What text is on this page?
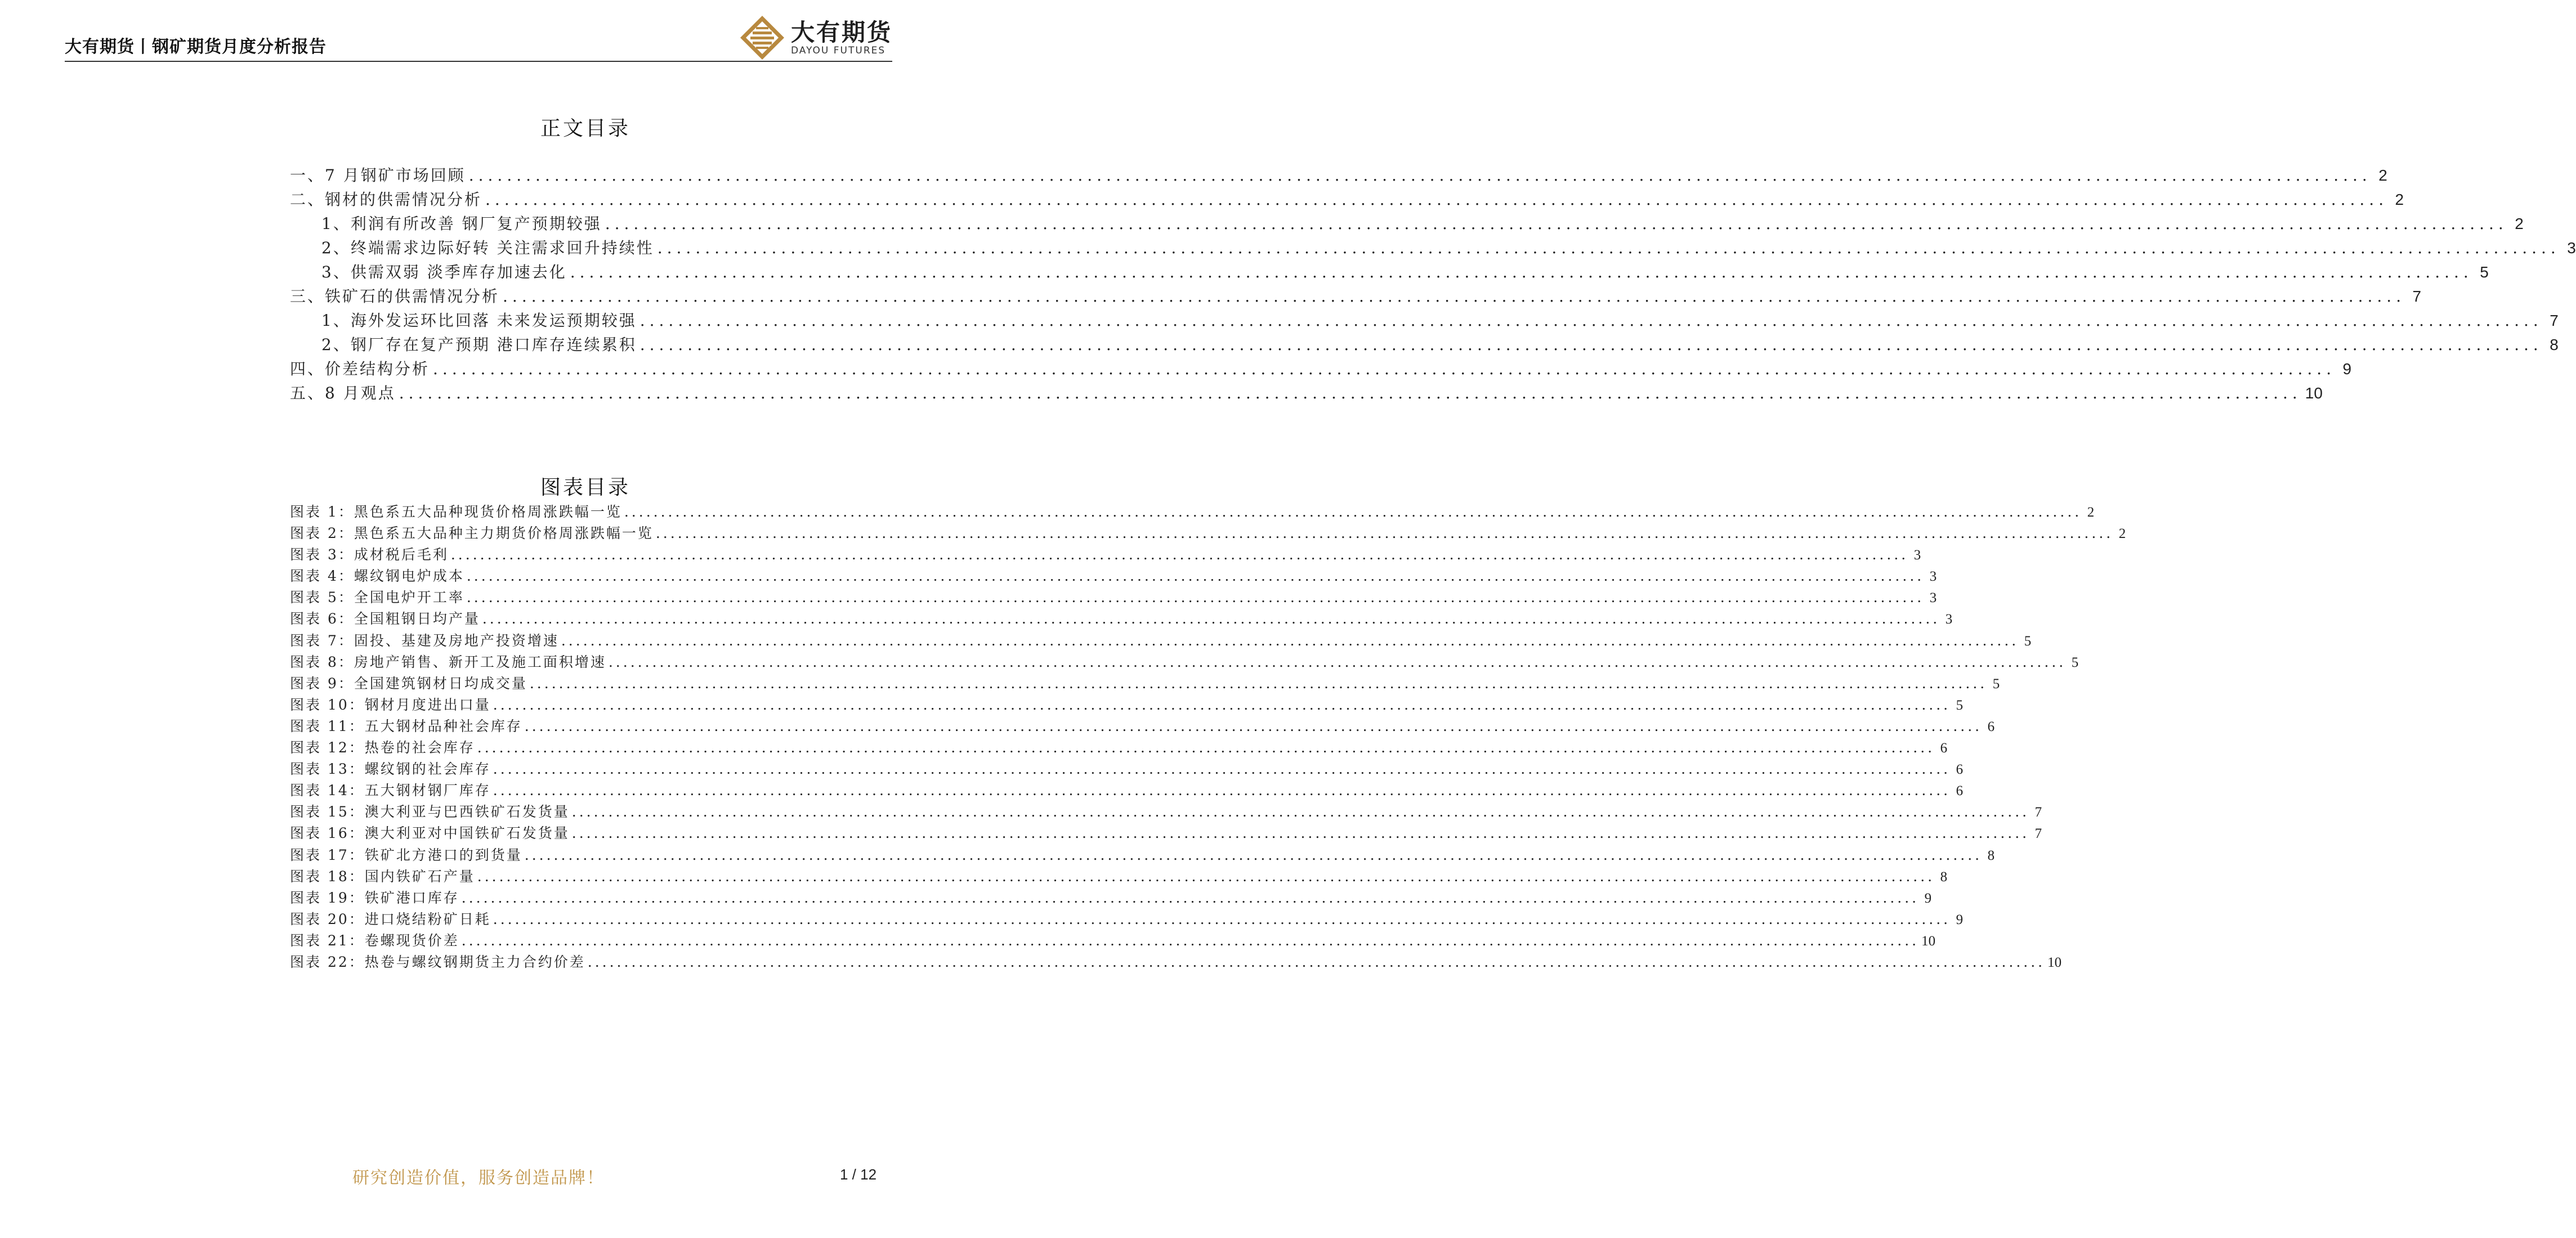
大有期货丨钢矿期货月度分析报告
大有期货
DAYOU FUTURES
正文目录
一、7 月钢矿市场回顾 ........................................................................................................................................................................................................ 2
二、钢材的供需情况分析 ........................................................................................................................................................................................................ 2
1、利润有所改善 钢厂复产预期较强 ........................................................................................................................................................................................................ 2
2、终端需求边际好转 关注需求回升持续性 ........................................................................................................................................................................................................ 3
3、供需双弱 淡季库存加速去化 ........................................................................................................................................................................................................ 5
三、铁矿石的供需情况分析 ........................................................................................................................................................................................................ 7
1、海外发运环比回落 未来发运预期较强 ........................................................................................................................................................................................................ 7
2、钢厂存在复产预期 港口库存连续累积 ........................................................................................................................................................................................................ 8
四、价差结构分析 ........................................................................................................................................................................................................ 9
五、8 月观点 ........................................................................................................................................................................................................ 10
图表目录
图表 1：黑色系五大品种现货价格周涨跌幅一览 ........................................................................................................................................................................................................ 2
图表 2：黑色系五大品种主力期货价格周涨跌幅一览 ........................................................................................................................................................................................................ 2
图表 3：成材税后毛利 ........................................................................................................................................................................................................ 3
图表 4：螺纹钢电炉成本 ........................................................................................................................................................................................................ 3
图表 5：全国电炉开工率 ........................................................................................................................................................................................................ 3
图表 6：全国粗钢日均产量 ........................................................................................................................................................................................................ 3
图表 7：固投、基建及房地产投资增速 ........................................................................................................................................................................................................ 5
图表 8：房地产销售、新开工及施工面积增速 ........................................................................................................................................................................................................ 5
图表 9：全国建筑钢材日均成交量 ........................................................................................................................................................................................................ 5
图表 10：钢材月度进出口量 ........................................................................................................................................................................................................ 5
图表 11：五大钢材品种社会库存 ........................................................................................................................................................................................................ 6
图表 12：热卷的社会库存 ........................................................................................................................................................................................................ 6
图表 13：螺纹钢的社会库存 ........................................................................................................................................................................................................ 6
图表 14：五大钢材钢厂库存 ........................................................................................................................................................................................................ 6
图表 15：澳大利亚与巴西铁矿石发货量 ........................................................................................................................................................................................................ 7
图表 16：澳大利亚对中国铁矿石发货量 ........................................................................................................................................................................................................ 7
图表 17：铁矿北方港口的到货量 ........................................................................................................................................................................................................ 8
图表 18：国内铁矿石产量 ........................................................................................................................................................................................................ 8
图表 19：铁矿港口库存 ........................................................................................................................................................................................................ 9
图表 20：进口烧结粉矿日耗 ........................................................................................................................................................................................................ 9
图表 21：卷螺现货价差 ........................................................................................................................................................................................................ 10
图表 22：热卷与螺纹钢期货主力合约价差 ........................................................................................................................................................................................................ 10
研究创造价值，服务创造品牌！	1 / 12
